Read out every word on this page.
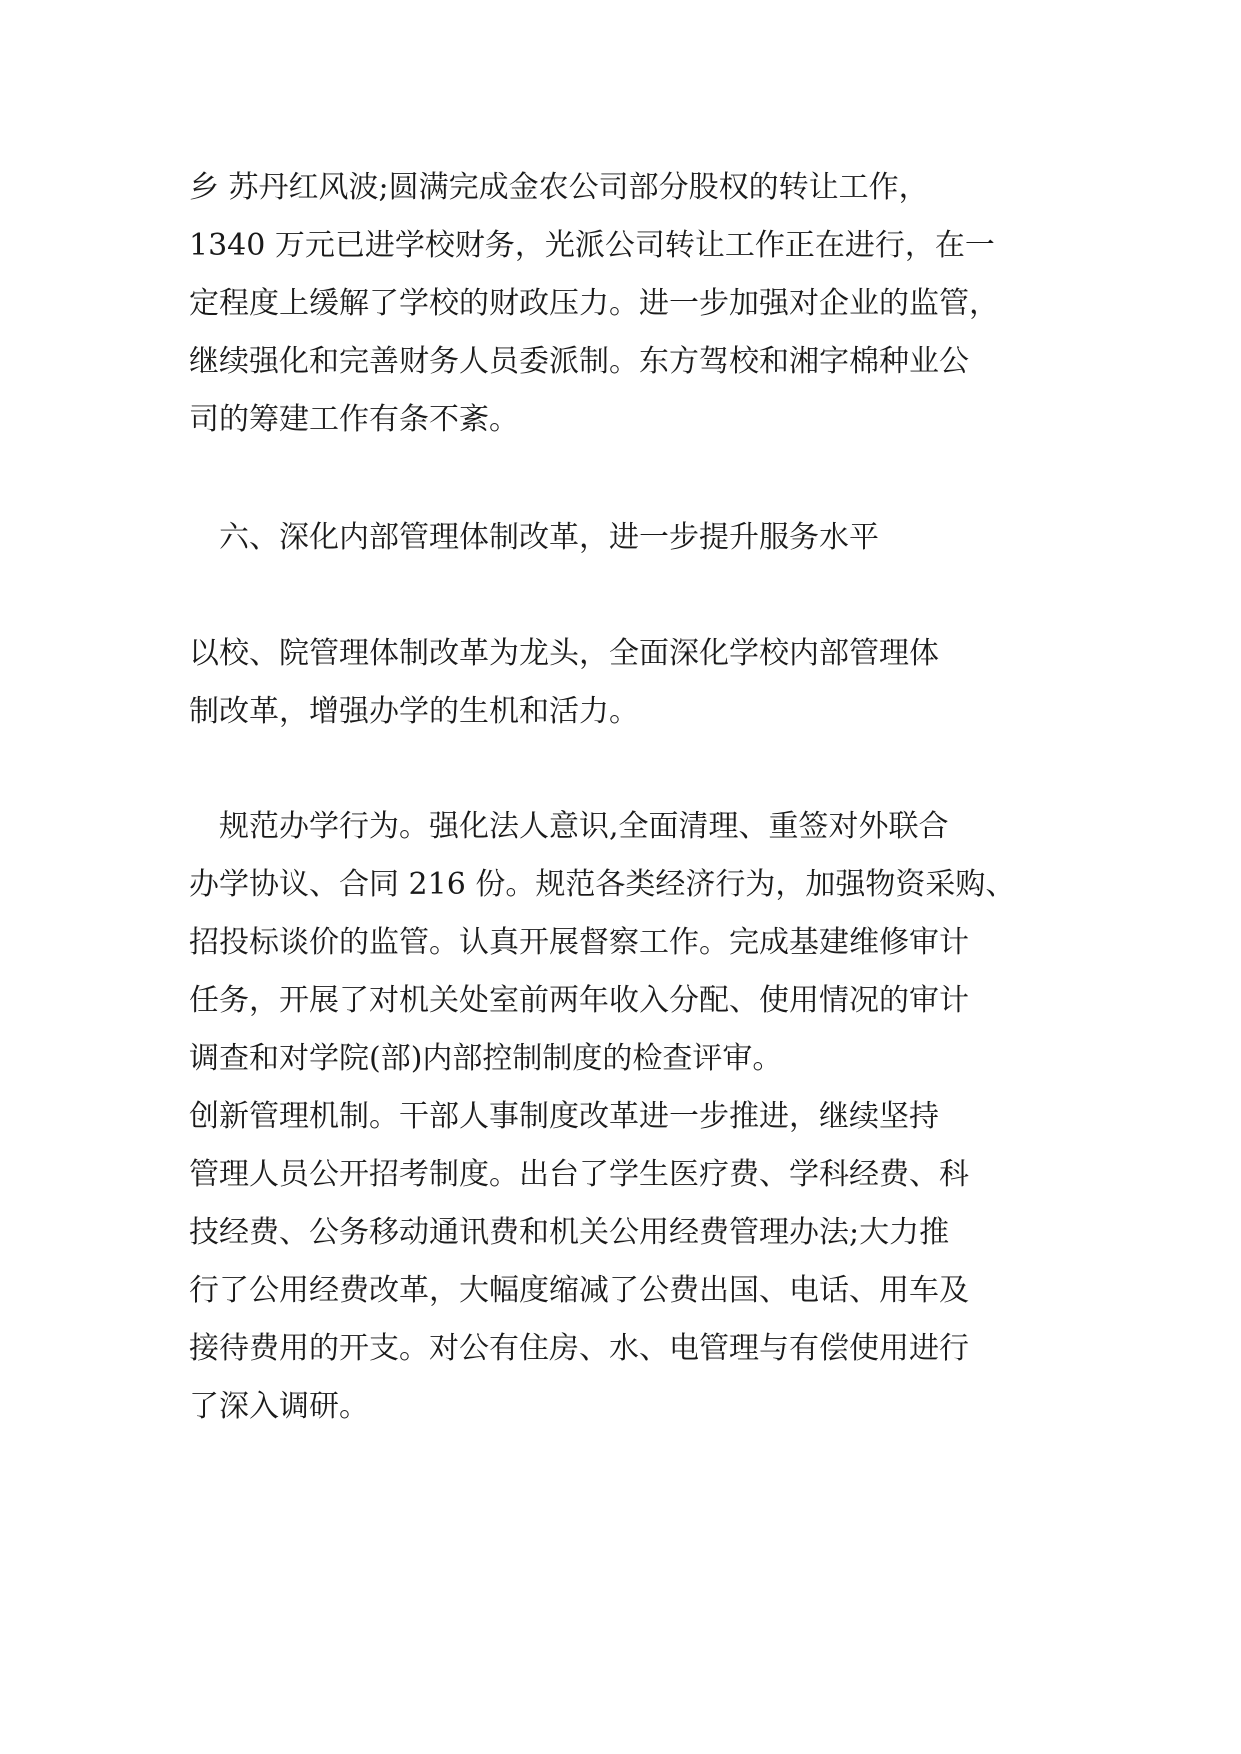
乡 苏丹红风波;圆满完成金农公司部分股权的转让工作，
1340 万元已进学校财务，光派公司转让工作正在进行，在一
定程度上缓解了学校的财政压力。进一步加强对企业的监管，
继续强化和完善财务人员委派制。东方驾校和湘字棉种业公
司的筹建工作有条不紊。
　六、深化内部管理体制改革，进一步提升服务水平
以校、院管理体制改革为龙头，全面深化学校内部管理体
制改革，增强办学的生机和活力。
　规范办学行为。强化法人意识,全面清理、重签对外联合
办学协议、合同 216 份。规范各类经济行为，加强物资采购、
招投标谈价的监管。认真开展督察工作。完成基建维修审计
任务，开展了对机关处室前两年收入分配、使用情况的审计
调查和对学院(部)内部控制制度的检查评审。
创新管理机制。干部人事制度改革进一步推进，继续坚持
管理人员公开招考制度。出台了学生医疗费、学科经费、科
技经费、公务移动通讯费和机关公用经费管理办法;大力推
行了公用经费改革，大幅度缩减了公费出国、电话、用车及
接待费用的开支。对公有住房、水、电管理与有偿使用进行
了深入调研。
